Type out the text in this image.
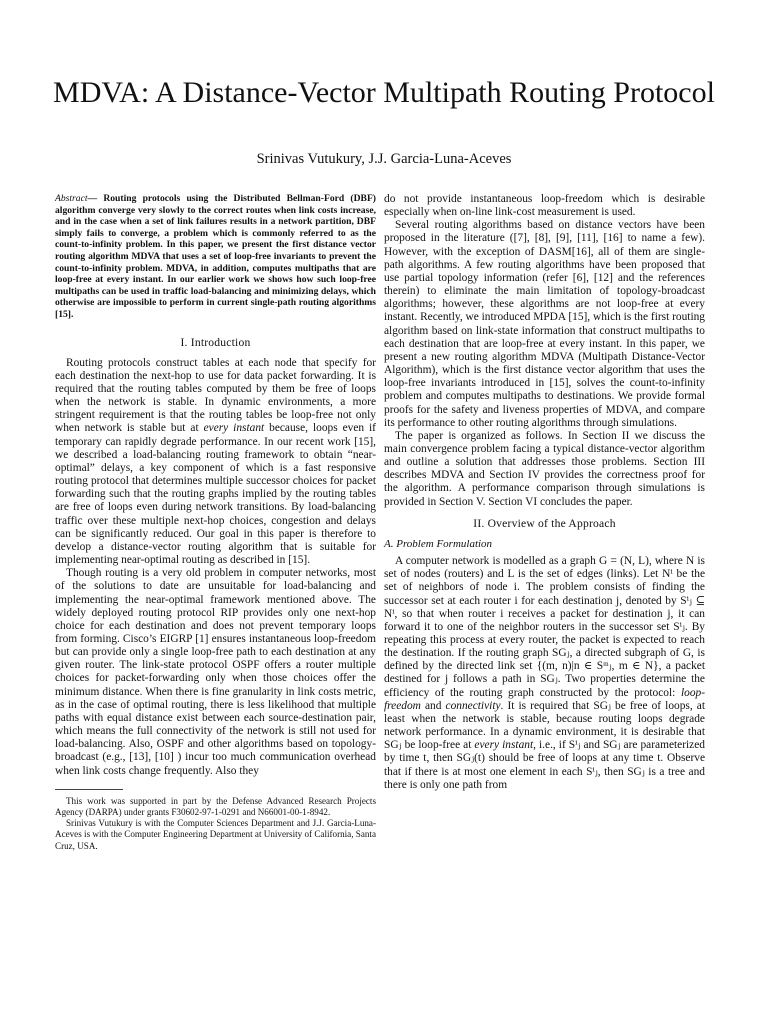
MDVA: A Distance-Vector Multipath Routing Protocol
Srinivas Vutukury, J.J. Garcia-Luna-Aceves

Abstract— Routing protocols using the Distributed Bellman-Ford (DBF) algorithm converge very slowly to the correct routes when link costs increase, and in the case when a set of link failures results in a network partition, DBF simply fails to converge, a problem which is commonly referred to as the count-to-infinity problem. In this paper, we present the first distance vector routing algorithm MDVA that uses a set of loop-free invariants to prevent the count-to-infinity problem. MDVA, in addition, computes multipaths that are loop-free at every instant. In our earlier work we shows how such loop-free multipaths can be used in traffic load-balancing and minimizing delays, which otherwise are impossible to perform in current single-path routing algorithms [15].

I. Introduction

Routing protocols construct tables at each node that specify for each destination the next-hop to use for data packet forwarding. It is required that the routing tables computed by them be free of loops when the network is stable. In dynamic environments, a more stringent requirement is that the routing tables be loop-free not only when network is stable but at every instant because, loops even if temporary can rapidly degrade performance. In our recent work [15], we described a load-balancing routing framework to obtain “near-optimal” delays, a key component of which is a fast responsive routing protocol that determines multiple successor choices for packet forwarding such that the routing graphs implied by the routing tables are free of loops even during network transitions. By load-balancing traffic over these multiple next-hop choices, congestion and delays can be significantly reduced. Our goal in this paper is therefore to develop a distance-vector routing algorithm that is suitable for implementing near-optimal routing as described in [15].

Though routing is a very old problem in computer networks, most of the solutions to date are unsuitable for load-balancing and implementing the near-optimal framework mentioned above. The widely deployed routing protocol RIP provides only one next-hop choice for each destination and does not prevent temporary loops from forming. Cisco’s EIGRP [1] ensures instantaneous loop-freedom but can provide only a single loop-free path to each destination at any given router. The link-state protocol OSPF offers a router multiple choices for packet-forwarding only when those choices offer the minimum distance. When there is fine granularity in link costs metric, as in the case of optimal routing, there is less likelihood that multiple paths with equal distance exist between each source-destination pair, which means the full connectivity of the network is still not used for load-balancing. Also, OSPF and other algorithms based on topology-broadcast (e.g., [13], [10] ) incur too much communication overhead when link costs change frequently. Also they

This work was supported in part by the Defense Advanced Research Projects Agency (DARPA) under grants F30602-97-1-0291 and N66001-00-1-8942.

Srinivas Vutukury is with the Computer Sciences Department and J.J. Garcia-Luna-Aceves is with the Computer Engineering Department at University of California, Santa Cruz, USA.

do not provide instantaneous loop-freedom which is desirable especially when on-line link-cost measurement is used.

Several routing algorithms based on distance vectors have been proposed in the literature ([7], [8], [9], [11], [16] to name a few). However, with the exception of DASM[16], all of them are single-path algorithms. A few routing algorithms have been proposed that use partial topology information (refer [6], [12] and the references therein) to eliminate the main limitation of topology-broadcast algorithms; however, these algorithms are not loop-free at every instant. Recently, we introduced MPDA [15], which is the first routing algorithm based on link-state information that construct multipaths to each destination that are loop-free at every instant. In this paper, we present a new routing algorithm MDVA (Multipath Distance-Vector Algorithm), which is the first distance vector algorithm that uses the loop-free invariants introduced in [15], solves the count-to-infinity problem and computes multipaths to destinations. We provide formal proofs for the safety and liveness properties of MDVA, and compare its performance to other routing algorithms through simulations.

The paper is organized as follows. In Section II we discuss the main convergence problem facing a typical distance-vector algorithm and outline a solution that addresses those problems. Section III describes MDVA and Section IV provides the correctness proof for the algorithm. A performance comparison through simulations is provided in Section V. Section VI concludes the paper.

II. Overview of the Approach

A. Problem Formulation

A computer network is modelled as a graph G = (N, L), where N is set of nodes (routers) and L is the set of edges (links). Let Nⁱ be the set of neighbors of node i. The problem consists of finding the successor set at each router i for each destination j, denoted by Sⁱⱼ ⊆ Nⁱ, so that when router i receives a packet for destination j, it can forward it to one of the neighbor routers in the successor set Sⁱⱼ. By repeating this process at every router, the packet is expected to reach the destination. If the routing graph SGⱼ, a directed subgraph of G, is defined by the directed link set {(m, n)|n ∈ Sᵐⱼ, m ∈ N}, a packet destined for j follows a path in SGⱼ. Two properties determine the efficiency of the routing graph constructed by the protocol: loop-freedom and connectivity. It is required that SGⱼ be free of loops, at least when the network is stable, because routing loops degrade network performance. In a dynamic environment, it is desirable that SGⱼ be loop-free at every instant, i.e., if Sⁱⱼ and SGⱼ are parameterized by time t, then SGⱼ(t) should be free of loops at any time t. Observe that if there is at most one element in each Sⁱⱼ, then SGⱼ is a tree and there is only one path from
